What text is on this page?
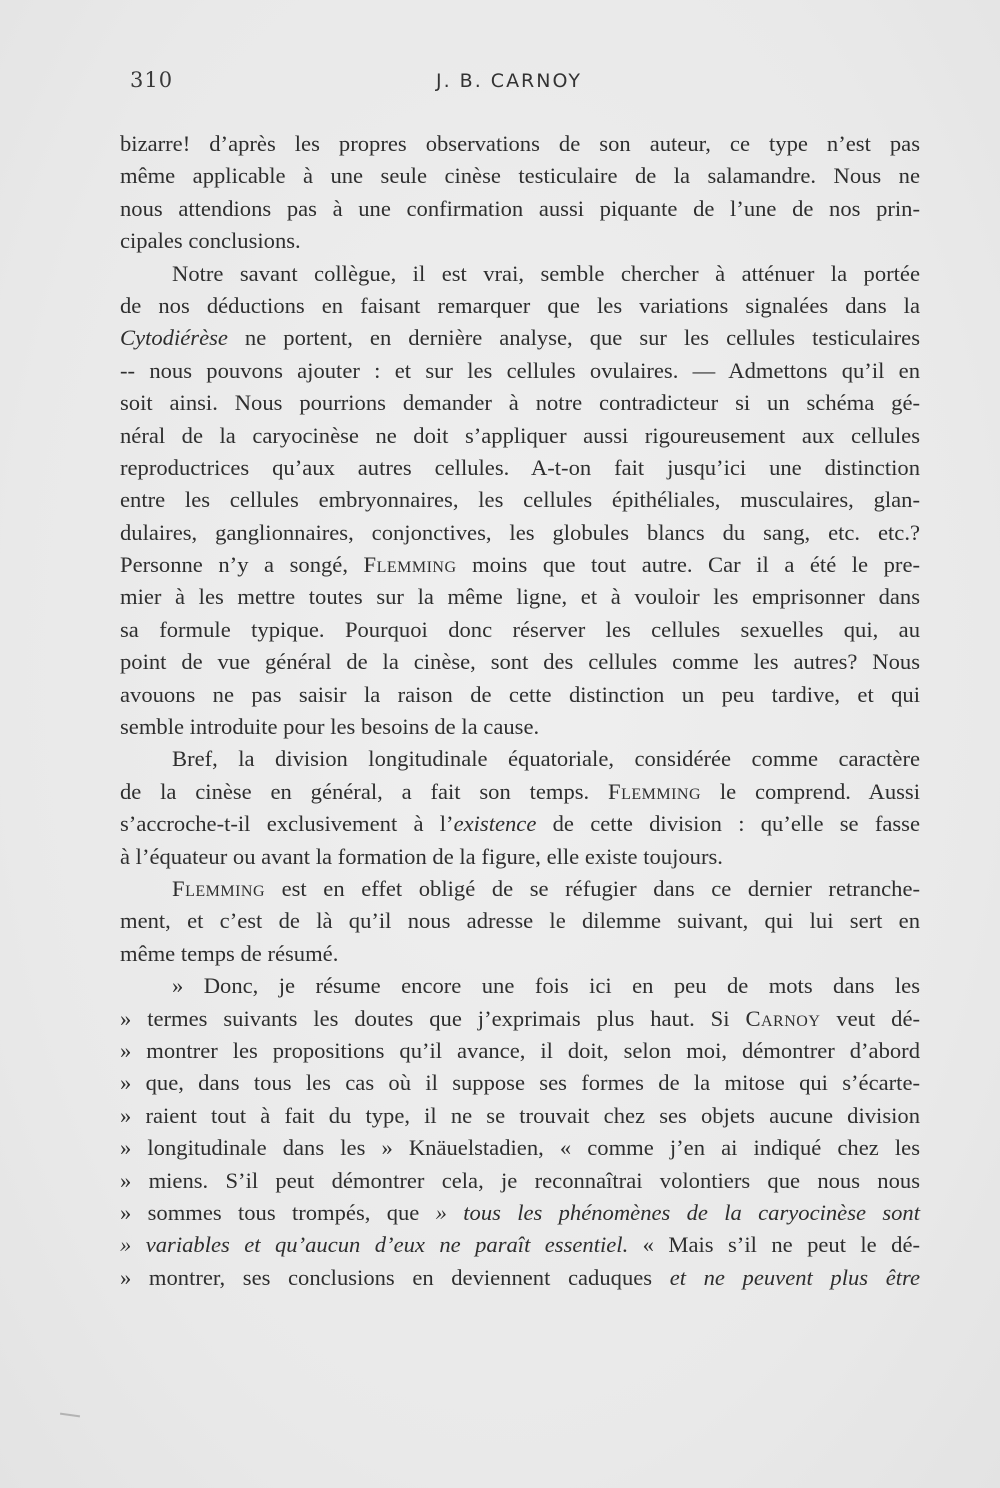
310	J. B. CARNOY
bizarre! d’après les propres observations de son auteur, ce type n’est pas
même applicable à une seule cinèse testiculaire de la salamandre. Nous ne
nous attendions pas à une confirmation aussi piquante de l’une de nos prin-
cipales conclusions.
Notre savant collègue, il est vrai, semble chercher à atténuer la portée
de nos déductions en faisant remarquer que les variations signalées dans la
Cytodiérèse ne portent, en dernière analyse, que sur les cellules testiculaires
-- nous pouvons ajouter : et sur les cellules ovulaires. — Admettons qu’il en
soit ainsi. Nous pourrions demander à notre contradicteur si un schéma gé-
néral de la caryocinèse ne doit s’appliquer aussi rigoureusement aux cellules
reproductrices qu’aux autres cellules. A-t-on fait jusqu’ici une distinction
entre les cellules embryonnaires, les cellules épithéliales, musculaires, glan-
dulaires, ganglionnaires, conjonctives, les globules blancs du sang, etc. etc.?
Personne n’y a songé, Flemming moins que tout autre. Car il a été le pre-
mier à les mettre toutes sur la même ligne, et à vouloir les emprisonner dans
sa formule typique. Pourquoi donc réserver les cellules sexuelles qui, au
point de vue général de la cinèse, sont des cellules comme les autres? Nous
avouons ne pas saisir la raison de cette distinction un peu tardive, et qui
semble introduite pour les besoins de la cause.
Bref, la division longitudinale équatoriale, considérée comme caractère
de la cinèse en général, a fait son temps. Flemming le comprend. Aussi
s’accroche-t-il exclusivement à l’existence de cette division : qu’elle se fasse
à l’équateur ou avant la formation de la figure, elle existe toujours.
Flemming est en effet obligé de se réfugier dans ce dernier retranche-
ment, et c’est de là qu’il nous adresse le dilemme suivant, qui lui sert en
même temps de résumé.
» Donc, je résume encore une fois ici en peu de mots dans les
» termes suivants les doutes que j’exprimais plus haut. Si Carnoy veut dé-
» montrer les propositions qu’il avance, il doit, selon moi, démontrer d’abord
» que, dans tous les cas où il suppose ses formes de la mitose qui s’écarte-
» raient tout à fait du type, il ne se trouvait chez ses objets aucune division
» longitudinale dans les » Knäuelstadien, « comme j’en ai indiqué chez les
» miens. S’il peut démontrer cela, je reconnaîtrai volontiers que nous nous
» sommes tous trompés, que » tous les phénomènes de la caryocinèse sont
» variables et qu’aucun d’eux ne paraît essentiel. « Mais s’il ne peut le dé-
» montrer, ses conclusions en deviennent caduques et ne peuvent plus être
